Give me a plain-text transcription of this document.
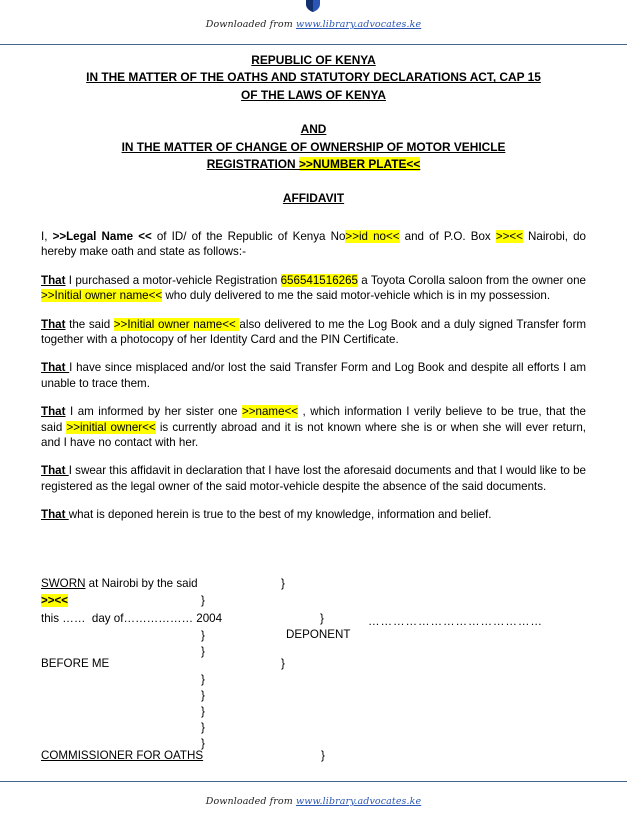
Downloaded from www.library.advocates.ke
REPUBLIC OF KENYA
IN THE MATTER OF THE OATHS AND STATUTORY DECLARATIONS ACT, CAP 15
OF THE LAWS OF KENYA
AND
IN THE MATTER OF CHANGE OF OWNERSHIP OF MOTOR VEHICLE
REGISTRATION >>NUMBER PLATE<<
AFFIDAVIT

I, >>Legal Name << of ID/ of the Republic of Kenya No>>id no<< and of P.O. Box >><< Nairobi, do hereby make oath and state as follows:-

That I purchased a motor-vehicle Registration 656541516265 a Toyota Corolla saloon from the owner one >>Initial owner name<< who duly delivered to me the said motor-vehicle which is in my possession.

That the said >>Initial owner name<< also delivered to me the Log Book and a duly signed Transfer form together with a photocopy of her Identity Card and the PIN Certificate.

That I have since misplaced and/or lost the said Transfer Form and Log Book and despite all efforts I am unable to trace them.

That I am informed by her sister one >>name<< , which information I verily believe to be true, that the said >>initial owner<< is currently abroad and it is not known where she is or when she will ever return, and I have no contact with her.

That I swear this affidavit in declaration that I have lost the aforesaid documents and that I would like to be registered as the legal owner of the said motor-vehicle despite the absence of the said documents.

That what is deponed herein is true to the best of my knowledge, information and belief.

SWORN at Nairobi by the said	}
>><<	}
this ……  day of……………… 2004	}	……………………………………
DEPONENT
}
}
BEFORE ME	}
}
}
}
}
}
COMMISSIONER FOR OATHS	}
Downloaded from www.library.advocates.ke
